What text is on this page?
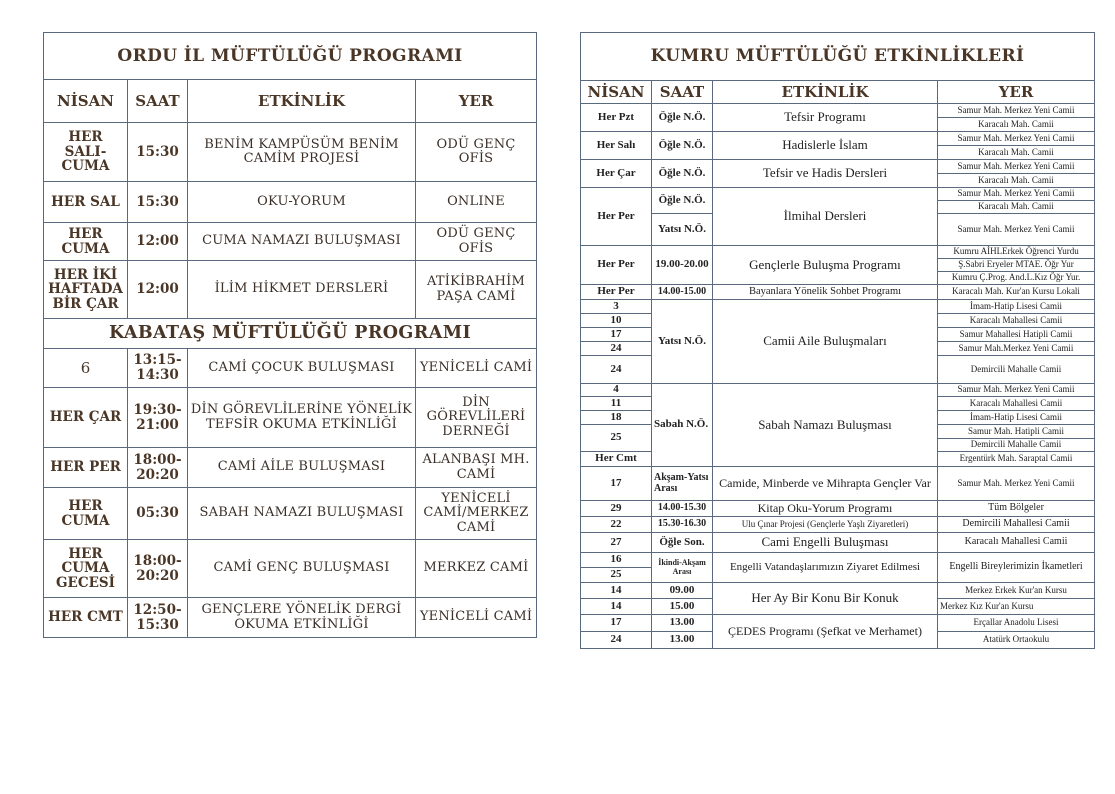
ORDU İL MÜFTÜLÜĞÜ PROGRAMI			
NİSAN	SAAT	ETKİNLİK	YER
HER SALI-CUMA	15:30	BENİM KAMPÜSÜM BENİM CAMİM PROJESİ	ODÜ GENÇ OFİS
HER SAL	15:30	OKU-YORUM	ONLINE
HER CUMA	12:00	CUMA NAMAZI BULUŞMASI	ODÜ GENÇ OFİS
HER İKİ HAFTADA BİR ÇAR	12:00	İLİM HİKMET DERSLERİ	ATİKİBRAHİM PAŞA CAMİ
KABATAŞ MÜFTÜLÜĞÜ PROGRAMI			
6	13:15-14:30	CAMİ ÇOCUK BULUŞMASI	YENİCELİ CAMİ
HER ÇAR	19:30-21:00	DİN GÖREVLİLERİNE YÖNELİK TEFSİR OKUMA ETKİNLİĞİ	DİN GÖREVLİLERİ DERNEĞİ
HER PER	18:00-20:20	CAMİ AİLE BULUŞMASI	ALANBAŞI MH. CAMİ
HER CUMA	05:30	SABAH NAMAZI BULUŞMASI	YENİCELİ CAMİ/MERKEZ CAMİ
HER CUMA GECESİ	18:00-20:20	CAMİ GENÇ BULUŞMASI	MERKEZ CAMİ
HER CMT	12:50-15:30	GENÇLERE YÖNELİK DERGİ OKUMA ETKİNLİĞİ	YENİCELİ CAMİ
KUMRU MÜFTÜLÜĞÜ ETKİNLİKLERİ			
NİSAN	SAAT	ETKİNLİK	YER
Her Pzt	Öğle N.Ö.	Tefsir Programı	Samur Mah. Merkez Yeni Camii
			Karacalı Mah. Camii
Her Salı	Öğle N.Ö.	Hadislerle İslam	Samur Mah. Merkez Yeni Camii
			Karacalı Mah. Camii
Her Çar	Öğle N.Ö.	Tefsir ve Hadis Dersleri	Samur Mah. Merkez Yeni Camii
			Karacalı Mah. Camii
Her Per	Öğle N.Ö.	İlmihal Dersleri	Samur Mah. Merkez Yeni Camii
			Karacalı Mah. Camii
	Yatsı N.Ö.		Samur Mah. Merkez Yeni Camii
Her Per	19.00-20.00	Gençlerle Buluşma Programı	Kumru AİHLErkek Öğrenci Yurdu
			Ş.Sabri Eryeler MTAE. Öğr Yur
			Kumru Ç.Prog. And.L.Kız Öğr Yur.
Her Per	14.00-15.00	Bayanlara Yönelik Sohbet Programı	Karacalı Mah. Kur'an Kursu Lokali
3	Yatsı N.Ö.	Camii Aile Buluşmaları	İmam-Hatip Lisesi Camii
10			Karacalı Mahallesi Camii
17			Samur Mahallesi Hatipli Camii
24			Samur Mah.Merkez Yeni Camii
24			Demircili Mahalle Camii
4	Sabah N.Ö.	Sabah Namazı Buluşması	Samur Mah. Merkez Yeni Camii
11			Karacalı Mahallesi Camii
18			İmam-Hatip Lisesi Camii
25			Samur Mah. Hatipli Camii
			Demircili Mahalle Camii
Her Cmt			Ergentürk Mah. Saraptal Camii
17	Akşam-Yatsı Arası	Camide, Minberde ve Mihrapta Gençler Var	Samur Mah. Merkez Yeni Camii
29	14.00-15.30	Kitap Oku-Yorum Programı	Tüm Bölgeler
22	15.30-16.30	Ulu Çınar Projesi (Gençlerle Yaşlı Ziyaretleri)	Demircili Mahallesi Camii
27	Öğle Son.	Cami Engelli Buluşması	Karacalı Mahallesi Camii
16	İkindi-Akşam Arası	Engelli Vatandaşlarımızın Ziyaret Edilmesi	Engelli Bireylerimizin İkametleri
25			
14	09.00	Her Ay Bir Konu Bir Konuk	Merkez Erkek Kur'an Kursu
14	15.00		Merkez Kız Kur'an Kursu
17	13.00	ÇEDES Programı (Şefkat ve Merhamet)	Erçallar Anadolu Lisesi
24	13.00		Atatürk Ortaokulu
